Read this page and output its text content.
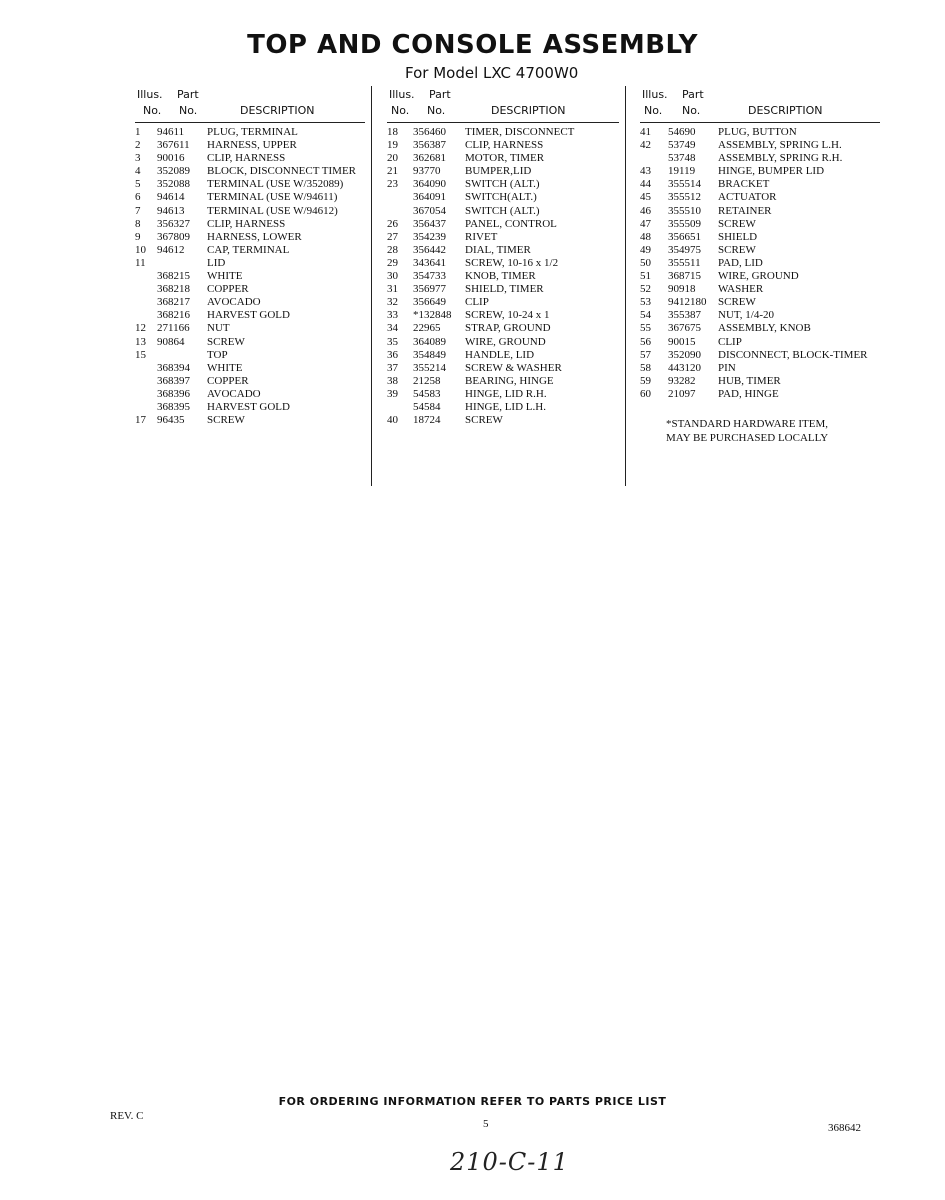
TOP AND CONSOLE ASSEMBLY
For Model LXC 4700W0
Illus. Part
No. No.	DESCRIPTION
1 94611 PLUG, TERMINAL
2 367611 HARNESS, UPPER
3 90016 CLIP, HARNESS
4 352089 BLOCK, DISCONNECT TIMER
5 352088 TERMINAL (USE W/352089)
6 94614 TERMINAL (USE W/94611)
7 94613 TERMINAL (USE W/94612)
8 356327 CLIP, HARNESS
9 367809 HARNESS, LOWER
10 94612 CAP, TERMINAL
11	LID
368215 WHITE
368218 COPPER
368217 AVOCADO
368216 HARVEST GOLD
12 271166 NUT
13 90864 SCREW
15	TOP
368394 WHITE
368397 COPPER
368396 AVOCADO
368395 HARVEST GOLD
17 96435 SCREW
Illus. Part
No. No.	DESCRIPTION
18 356460 TIMER, DISCONNECT
19 356387 CLIP, HARNESS
20 362681 MOTOR, TIMER
21 93770 BUMPER,LID
23 364090 SWITCH (ALT.)
364091 SWITCH(ALT.)
367054 SWITCH (ALT.)
26 356437 PANEL, CONTROL
27 354239 RIVET
28 356442 DIAL, TIMER
29 343641 SCREW, 10-16 x 1/2
30 354733 KNOB, TIMER
31 356977 SHIELD, TIMER
32 356649 CLIP
33 *132848 SCREW, 10-24 x 1
34 22965 STRAP, GROUND
35 364089 WIRE, GROUND
36 354849 HANDLE, LID
37 355214 SCREW & WASHER
38 21258 BEARING, HINGE
39 54583 HINGE, LID R.H.
54584 HINGE, LID L.H.
40 18724 SCREW
Illus. Part
No. No.	DESCRIPTION
41 54690 PLUG, BUTTON
42 53749 ASSEMBLY, SPRING L.H.
53748 ASSEMBLY, SPRING R.H.
43 19119 HINGE, BUMPER LID
44 355514 BRACKET
45 355512 ACTUATOR
46 355510 RETAINER
47 355509 SCREW
48 356651 SHIELD
49 354975 SCREW
50 355511 PAD, LID
51 368715 WIRE, GROUND
52 90918 WASHER
53 9412180 SCREW
54 355387 NUT, 1/4-20
55 367675 ASSEMBLY, KNOB
56 90015 CLIP
57 352090 DISCONNECT, BLOCK-TIMER
58 443120 PIN
59 93282 HUB, TIMER
60 21097 PAD, HINGE
*STANDARD HARDWARE ITEM,
MAY BE PURCHASED LOCALLY
FOR ORDERING INFORMATION REFER TO PARTS PRICE LIST
REV. C
5	368642
210-C-11
